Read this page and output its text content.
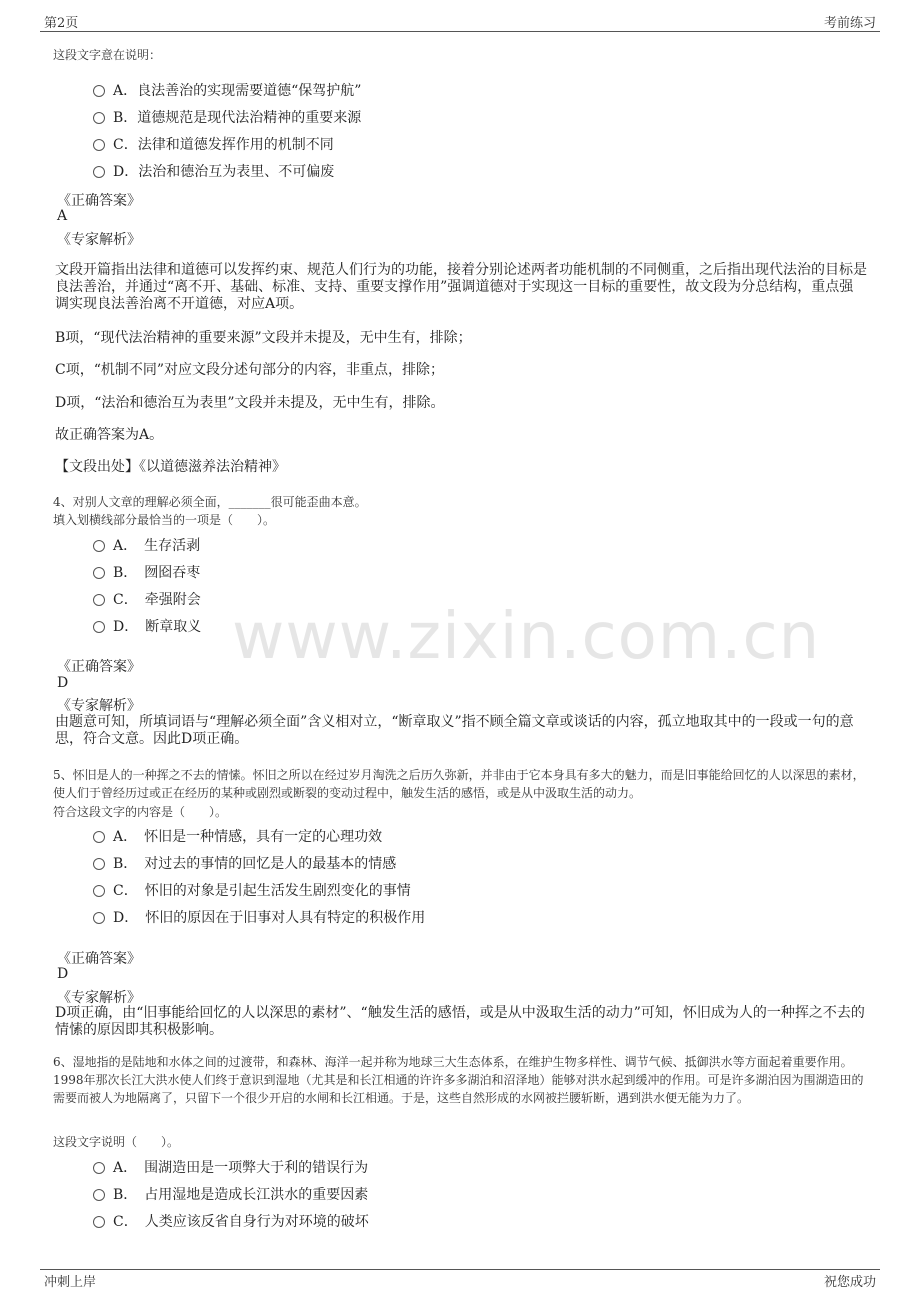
第2页	考前练习
冲刺上岸	祝您成功
www.zixin.com.cn
这段文字意在说明：
A．良法善治的实现需要道德“保驾护航”
B．道德规范是现代法治精神的重要来源
C．法律和道德发挥作用的机制不同
D．法治和德治互为表里、不可偏废
《正确答案》
A
《专家解析》
文段开篇指出法律和道德可以发挥约束、规范人们行为的功能，接着分别论述两者功能机制的不同侧重，之后指出现代法治的目标是良法善治，并通过“离不开、基础、标准、支持、重要支撑作用”强调道德对于实现这一目标的重要性，故文段为分总结构，重点强调实现良法善治离不开道德，对应A项。
B项，“现代法治精神的重要来源”文段并未提及，无中生有，排除；
C项，“机制不同”对应文段分述句部分的内容，非重点，排除；
D项，“法治和德治互为表里”文段并未提及，无中生有，排除。
故正确答案为A。
【文段出处】《以道德滋养法治精神》
4、对别人文章的理解必须全面，_______很可能歪曲本意。
填入划横线部分最恰当的一项是（　　）。
A．　生存活剥
B．　囫囵吞枣
C．　牵强附会
D．　断章取义
《正确答案》
D
《专家解析》
由题意可知，所填词语与“理解必须全面”含义相对立，“断章取义”指不顾全篇文章或谈话的内容，孤立地取其中的一段或一句的意思，符合文意。因此D项正确。
5、怀旧是人的一种挥之不去的情愫。怀旧之所以在经过岁月淘洗之后历久弥新，并非由于它本身具有多大的魅力，而是旧事能给回忆的人以深思的素材，使人们于曾经历过或正在经历的某种或剧烈或断裂的变动过程中，触发生活的感悟，或是从中汲取生活的动力。
符合这段文字的内容是（　　）。
A．　怀旧是一种情感，具有一定的心理功效
B．　对过去的事情的回忆是人的最基本的情感
C．　怀旧的对象是引起生活发生剧烈变化的事情
D．　怀旧的原因在于旧事对人具有特定的积极作用
《正确答案》
D
《专家解析》
D项正确，由“旧事能给回忆的人以深思的素材”、“触发生活的感悟，或是从中汲取生活的动力”可知，怀旧成为人的一种挥之不去的情愫的原因即其积极影响。
6、湿地指的是陆地和水体之间的过渡带，和森林、海洋一起并称为地球三大生态体系，在维护生物多样性、调节气候、抵御洪水等方面起着重要作用。1998年那次长江大洪水使人们终于意识到湿地（尤其是和长江相通的许许多多湖泊和沼泽地）能够对洪水起到缓冲的作用。可是许多湖泊因为围湖造田的需要而被人为地隔离了，只留下一个很少开启的水闸和长江相通。于是，这些自然形成的水网被拦腰斩断，遇到洪水便无能为力了。
这段文字说明（　　）。
A．　围湖造田是一项弊大于利的错误行为
B．　占用湿地是造成长江洪水的重要因素
C．　人类应该反省自身行为对环境的破坏
